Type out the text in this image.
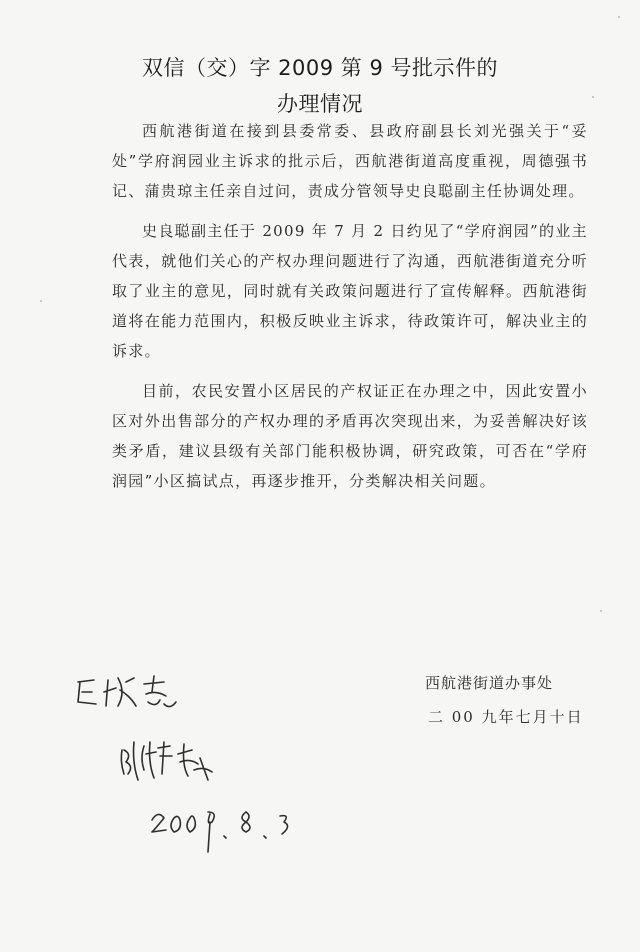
双信（交）字 2009 第 9 号批示件的
办理情况

西航港街道在接到县委常委、县政府副县长刘光强关于“妥处”学府润园业主诉求的批示后，西航港街道高度重视，周德强书记、蒲贵琼主任亲自过问，责成分管领导史良聪副主任协调处理。

史良聪副主任于 2009 年 7 月 2 日约见了“学府润园”的业主代表，就他们关心的产权办理问题进行了沟通，西航港街道充分听取了业主的意见，同时就有关政策问题进行了宣传解释。西航港街道将在能力范围内，积极反映业主诉求，待政策许可，解决业主的诉求。

目前，农民安置小区居民的产权证正在办理之中，因此安置小区对外出售部分的产权办理的矛盾再次突现出来，为妥善解决好该类矛盾，建议县级有关部门能积极协调，研究政策，可否在“学府润园”小区搞试点，再逐步推开，分类解决相关问题。

西航港街道办事处
二 00 九年七月十日
